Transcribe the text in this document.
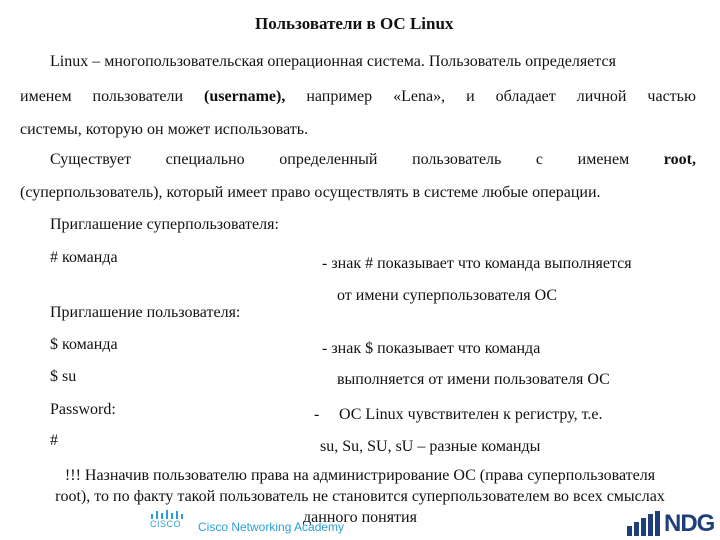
Пользователи в ОС Linux
Linux – многопользовательская операционная система. Пользователь определяется
именем пользователи (username), например «Lena», и обладает личной частью
системы, которую он может использовать.
Существует специально определенный пользователь с именем root,
(суперпользователь), который имеет право осуществлять в системе любые операции.
Приглашение суперпользователя:
# команда
Приглашение пользователя:
$ команда
$ su
Password:
#
- знак # показывает что команда выполняется
от имени суперпользователя ОС
- знак $ показывает что команда
выполняется от имени пользователя ОС
- ОС Linux чувствителен к регистру, т.е.
su, Su, SU, sU – разные команды
!!! Назначив пользователю права на администрирование ОС (права суперпользователя
root), то по факту такой пользователь не становится суперпользователем во всех смыслах
CISCO Cisco Networking Academy
данного понятия	NDG
